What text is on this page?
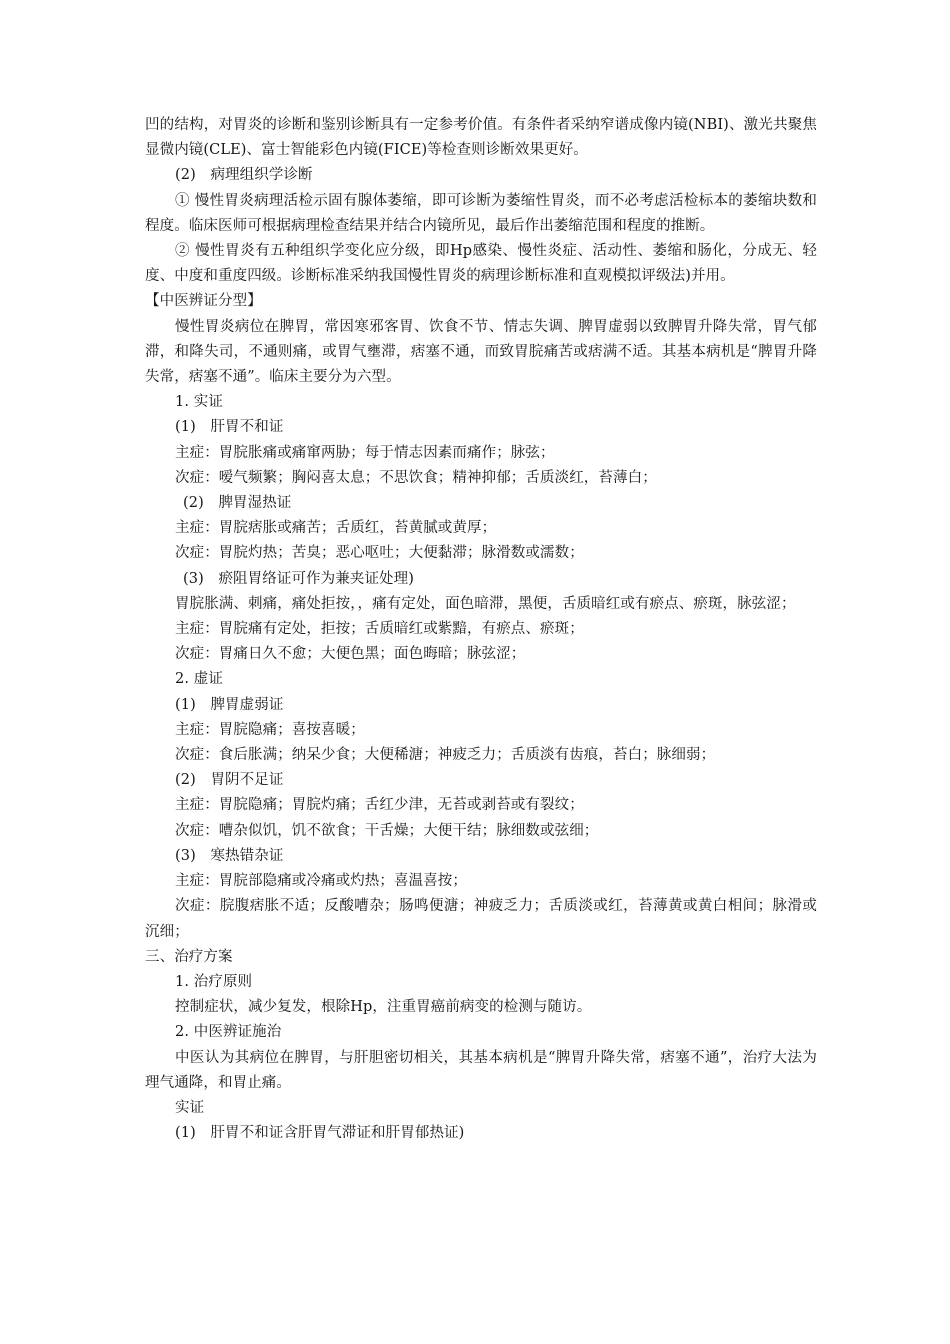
凹的结构，对胃炎的诊断和鉴别诊断具有一定参考价值。有条件者采纳窄谱成像内镜(NBI)、激光共聚焦显微内镜(CLE)、富士智能彩色内镜(FICE)等检查则诊断效果更好。

(2)　病理组织学诊断

① 慢性胃炎病理活检示固有腺体萎缩，即可诊断为萎缩性胃炎，而不必考虑活检标本的萎缩块数和程度。临床医师可根据病理检查结果并结合内镜所见，最后作出萎缩范围和程度的推断。

② 慢性胃炎有五种组织学变化应分级，即Hp感染、慢性炎症、活动性、萎缩和肠化，分成无、轻度、中度和重度四级。诊断标准采纳我国慢性胃炎的病理诊断标准和直观模拟评级法)并用。

【中医辨证分型】

慢性胃炎病位在脾胃，常因寒邪客胃、饮食不节、情志失调、脾胃虚弱以致脾胃升降失常，胃气郁滞，和降失司，不通则痛，或胃气壅滞，痞塞不通，而致胃脘痛苦或痞满不适。其基本病机是“脾胃升降失常，痞塞不通”。临床主要分为六型。

1. 实证

(1)　肝胃不和证

主症：胃脘胀痛或痛窜两胁；每于情志因素而痛作；脉弦；

次症：嗳气频繁；胸闷喜太息；不思饮食；精神抑郁；舌质淡红，苔薄白；

(2)　脾胃湿热证

主症：胃脘痞胀或痛苦；舌质红，苔黄腻或黄厚；

次症：胃脘灼热；苦臭；恶心呕吐；大便黏滞；脉滑数或濡数；

(3)　瘀阻胃络证可作为兼夹证处理)

胃脘胀满、刺痛，痛处拒按，，痛有定处，面色暗滞，黑便，舌质暗红或有瘀点、瘀斑，脉弦涩；

主症：胃脘痛有定处，拒按；舌质暗红或紫黯，有瘀点、瘀斑；

次症：胃痛日久不愈；大便色黑；面色晦暗；脉弦涩；

2. 虚证

(1)　脾胃虚弱证

主症：胃脘隐痛；喜按喜暖；

次症：食后胀满；纳呆少食；大便稀溏；神疲乏力；舌质淡有齿痕，苔白；脉细弱；

(2)　胃阴不足证

主症：胃脘隐痛；胃脘灼痛；舌红少津，无苔或剥苔或有裂纹；

次症：嘈杂似饥，饥不欲食；干舌燥；大便干结；脉细数或弦细；

(3)　寒热错杂证

主症：胃脘部隐痛或冷痛或灼热；喜温喜按；

次症：脘腹痞胀不适；反酸嘈杂；肠鸣便溏；神疲乏力；舌质淡或红，苔薄黄或黄白相间；脉滑或沉细；

三、治疗方案

1. 治疗原则

控制症状，减少复发，根除Hp，注重胃癌前病变的检测与随访。

2. 中医辨证施治

中医认为其病位在脾胃，与肝胆密切相关，其基本病机是“脾胃升降失常，痞塞不通”，治疗大法为理气通降，和胃止痛。

实证

(1)　肝胃不和证含肝胃气滞证和肝胃郁热证)
